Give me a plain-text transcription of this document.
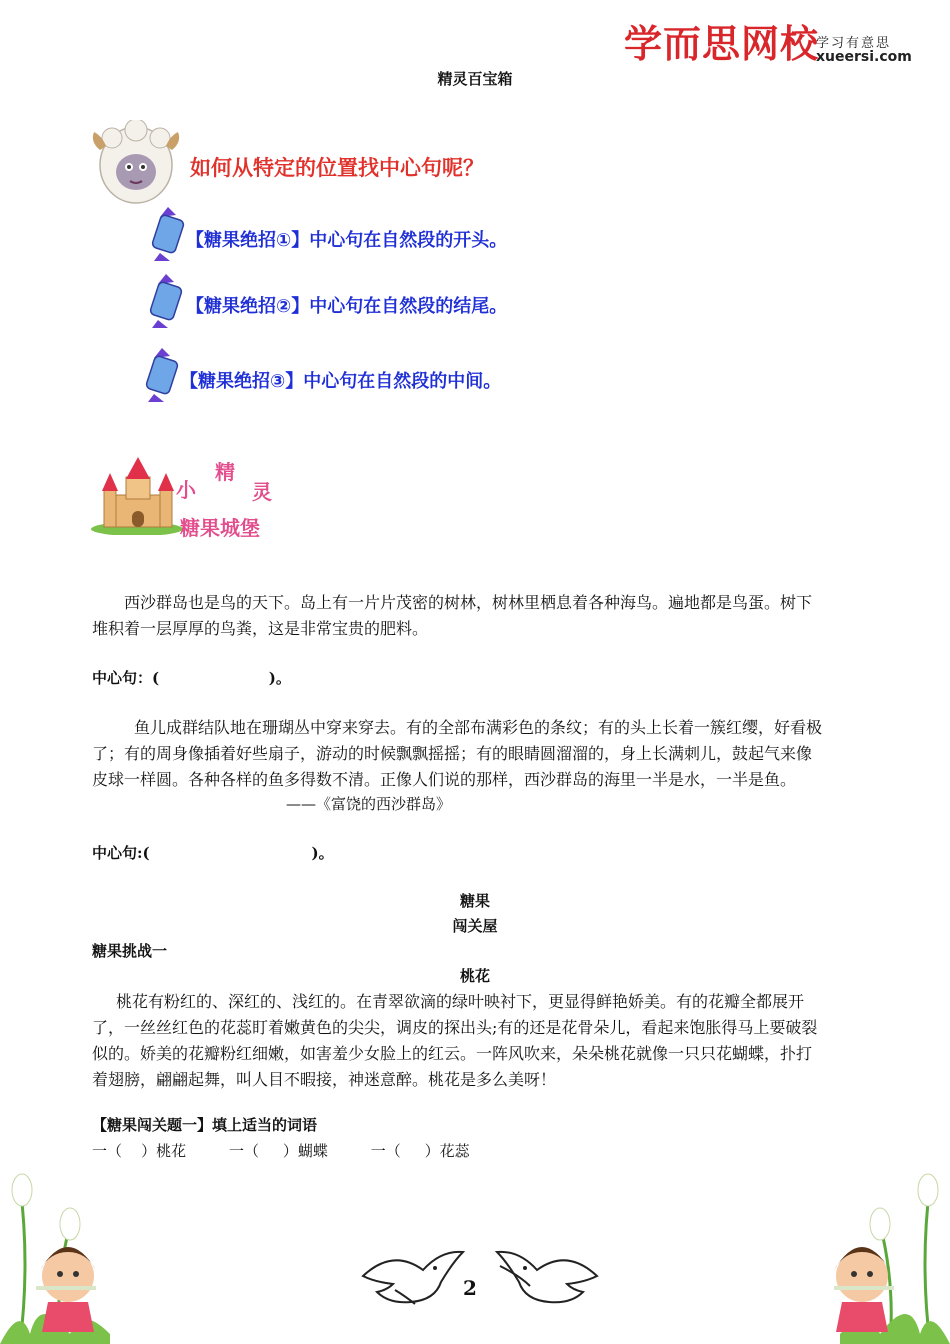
学而思网校
学习有意思
xueersi.com
精灵百宝箱
如何从特定的位置找中心句呢？
【糖果绝招①】中心句在自然段的开头。
【糖果绝招②】中心句在自然段的结尾。
【糖果绝招③】中心句在自然段的中间。
小
精
灵
糖果城堡
西沙群岛也是鸟的天下。岛上有一片片茂密的树林，树林里栖息着各种海鸟。遍地都是鸟蛋。树下
堆积着一层厚厚的鸟粪，这是非常宝贵的肥料。
中心句：(                     )。
鱼儿成群结队地在珊瑚丛中穿来穿去。有的全部布满彩色的条纹；有的头上长着一簇红缨，好看极
了；有的周身像插着好些扇子，游动的时候飘飘摇摇；有的眼睛圆溜溜的，身上长满刺儿，鼓起气来像
皮球一样圆。各种各样的鱼多得数不清。正像人们说的那样，西沙群岛的海里一半是水，一半是鱼。
——《富饶的西沙群岛》
中心句:(                               )。
糖果
闯关屋
糖果挑战一
桃花
桃花有粉红的、深红的、浅红的。在青翠欲滴的绿叶映衬下，更显得鲜艳娇美。有的花瓣全都展开
了，一丝丝红色的花蕊盯着嫩黄色的尖尖，调皮的探出头;有的还是花骨朵儿，看起来饱胀得马上要破裂
似的。娇美的花瓣粉红细嫩，如害羞少女脸上的红云。一阵风吹来，朵朵桃花就像一只只花蝴蝶，扑打
着翅膀，翩翩起舞，叫人目不暇接，神迷意醉。桃花是多么美呀！
【糖果闯关题一】填上适当的词语
一（    ）桃花         一（     ）蝴蝶         一（     ）花蕊
2
